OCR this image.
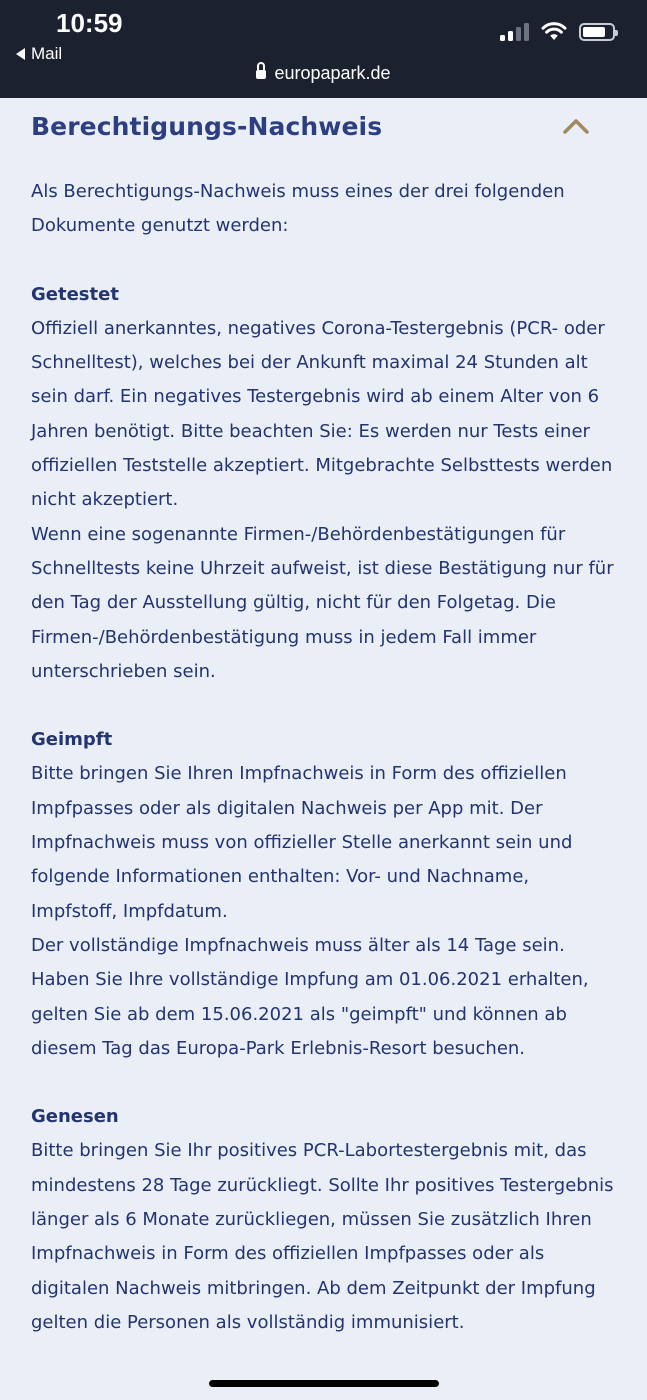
10:59
Mail
europapark.de
Berechtigungs-Nachweis

Als Berechtigungs-Nachweis muss eines der drei folgenden Dokumente genutzt werden:

Getestet

Offiziell anerkanntes, negatives Corona-Testergebnis (PCR- oder Schnelltest), welches bei der Ankunft maximal 24 Stunden alt sein darf. Ein negatives Testergebnis wird ab einem Alter von 6 Jahren benötigt. Bitte beachten Sie: Es werden nur Tests einer offiziellen Teststelle akzeptiert. Mitgebrachte Selbsttests werden nicht akzeptiert.

Wenn eine sogenannte Firmen-/Behördenbestätigungen für Schnelltests keine Uhrzeit aufweist, ist diese Bestätigung nur für den Tag der Ausstellung gültig, nicht für den Folgetag. Die Firmen-/Behördenbestätigung muss in jedem Fall immer unterschrieben sein.

Geimpft

Bitte bringen Sie Ihren Impfnachweis in Form des offiziellen Impfpasses oder als digitalen Nachweis per App mit. Der Impfnachweis muss von offizieller Stelle anerkannt sein und folgende Informationen enthalten: Vor- und Nachname, Impfstoff, Impfdatum.

Der vollständige Impfnachweis muss älter als 14 Tage sein. Haben Sie Ihre vollständige Impfung am 01.06.2021 erhalten, gelten Sie ab dem 15.06.2021 als "geimpft" und können ab diesem Tag das Europa-Park Erlebnis-Resort besuchen.

Genesen

Bitte bringen Sie Ihr positives PCR-Labortestergebnis mit, das mindestens 28 Tage zurückliegt. Sollte Ihr positives Testergebnis länger als 6 Monate zurückliegen, müssen Sie zusätzlich Ihren Impfnachweis in Form des offiziellen Impfpasses oder als digitalen Nachweis mitbringen. Ab dem Zeitpunkt der Impfung gelten die Personen als vollständig immunisiert.
